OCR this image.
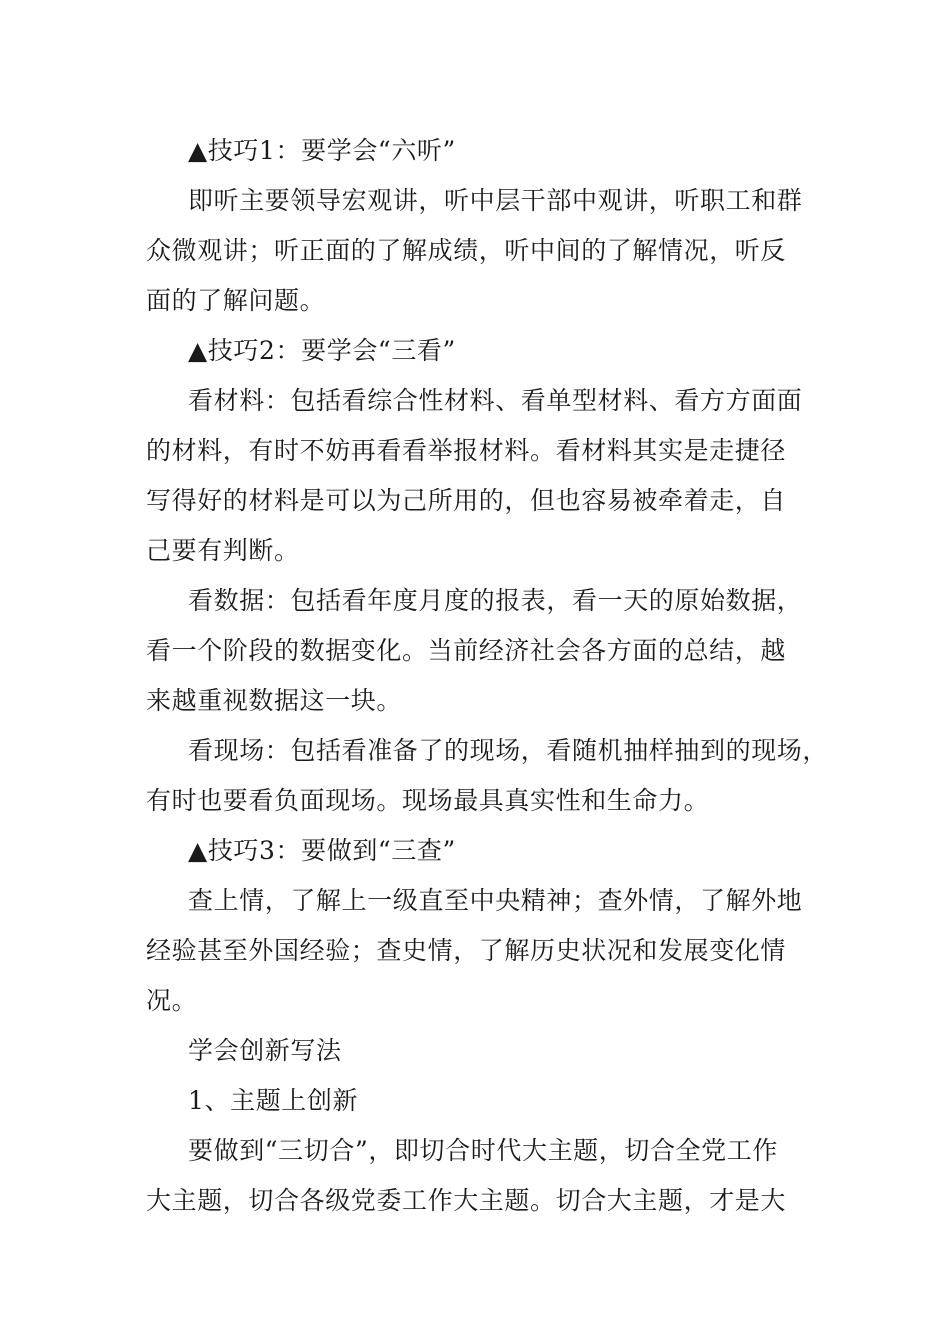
▲技巧1：要学会“六听”

即听主要领导宏观讲，听中层干部中观讲，听职工和群

众微观讲；听正面的了解成绩，听中间的了解情况，听反

面的了解问题。

▲技巧2：要学会“三看”

看材料：包括看综合性材料、看单型材料、看方方面面

的材料，有时不妨再看看举报材料。看材料其实是走捷径

写得好的材料是可以为己所用的，但也容易被牵着走，自

己要有判断。

看数据：包括看年度月度的报表，看一天的原始数据，

看一个阶段的数据变化。当前经济社会各方面的总结，越

来越重视数据这一块。

看现场：包括看准备了的现场，看随机抽样抽到的现场，

有时也要看负面现场。现场最具真实性和生命力。

▲技巧3：要做到“三查”

查上情，了解上一级直至中央精神；查外情，了解外地

经验甚至外国经验；查史情，了解历史状况和发展变化情

况。

学会创新写法

1、主题上创新

要做到“三切合”，即切合时代大主题，切合全党工作

大主题，切合各级党委工作大主题。切合大主题，才是大
